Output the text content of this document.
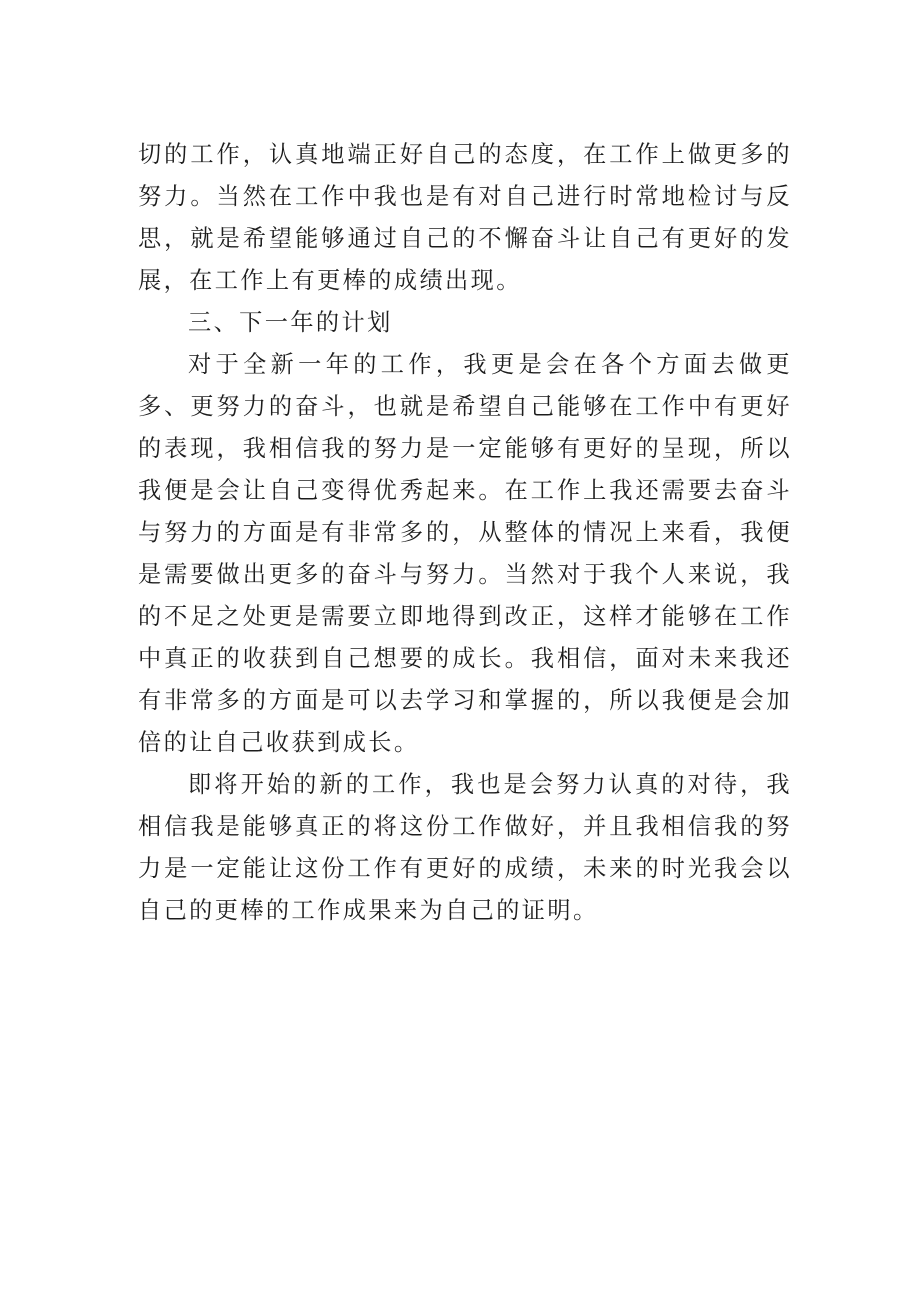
切的工作，认真地端正好自己的态度，在工作上做更多的努力。当然在工作中我也是有对自己进行时常地检讨与反思，就是希望能够通过自己的不懈奋斗让自己有更好的发展，在工作上有更棒的成绩出现。

三、下一年的计划

对于全新一年的工作，我更是会在各个方面去做更多、更努力的奋斗，也就是希望自己能够在工作中有更好的表现，我相信我的努力是一定能够有更好的呈现，所以我便是会让自己变得优秀起来。在工作上我还需要去奋斗与努力的方面是有非常多的，从整体的情况上来看，我便是需要做出更多的奋斗与努力。当然对于我个人来说，我的不足之处更是需要立即地得到改正，这样才能够在工作中真正的收获到自己想要的成长。我相信，面对未来我还有非常多的方面是可以去学习和掌握的，所以我便是会加倍的让自己收获到成长。

即将开始的新的工作，我也是会努力认真的对待，我相信我是能够真正的将这份工作做好，并且我相信我的努力是一定能让这份工作有更好的成绩，未来的时光我会以自己的更棒的工作成果来为自己的证明。
